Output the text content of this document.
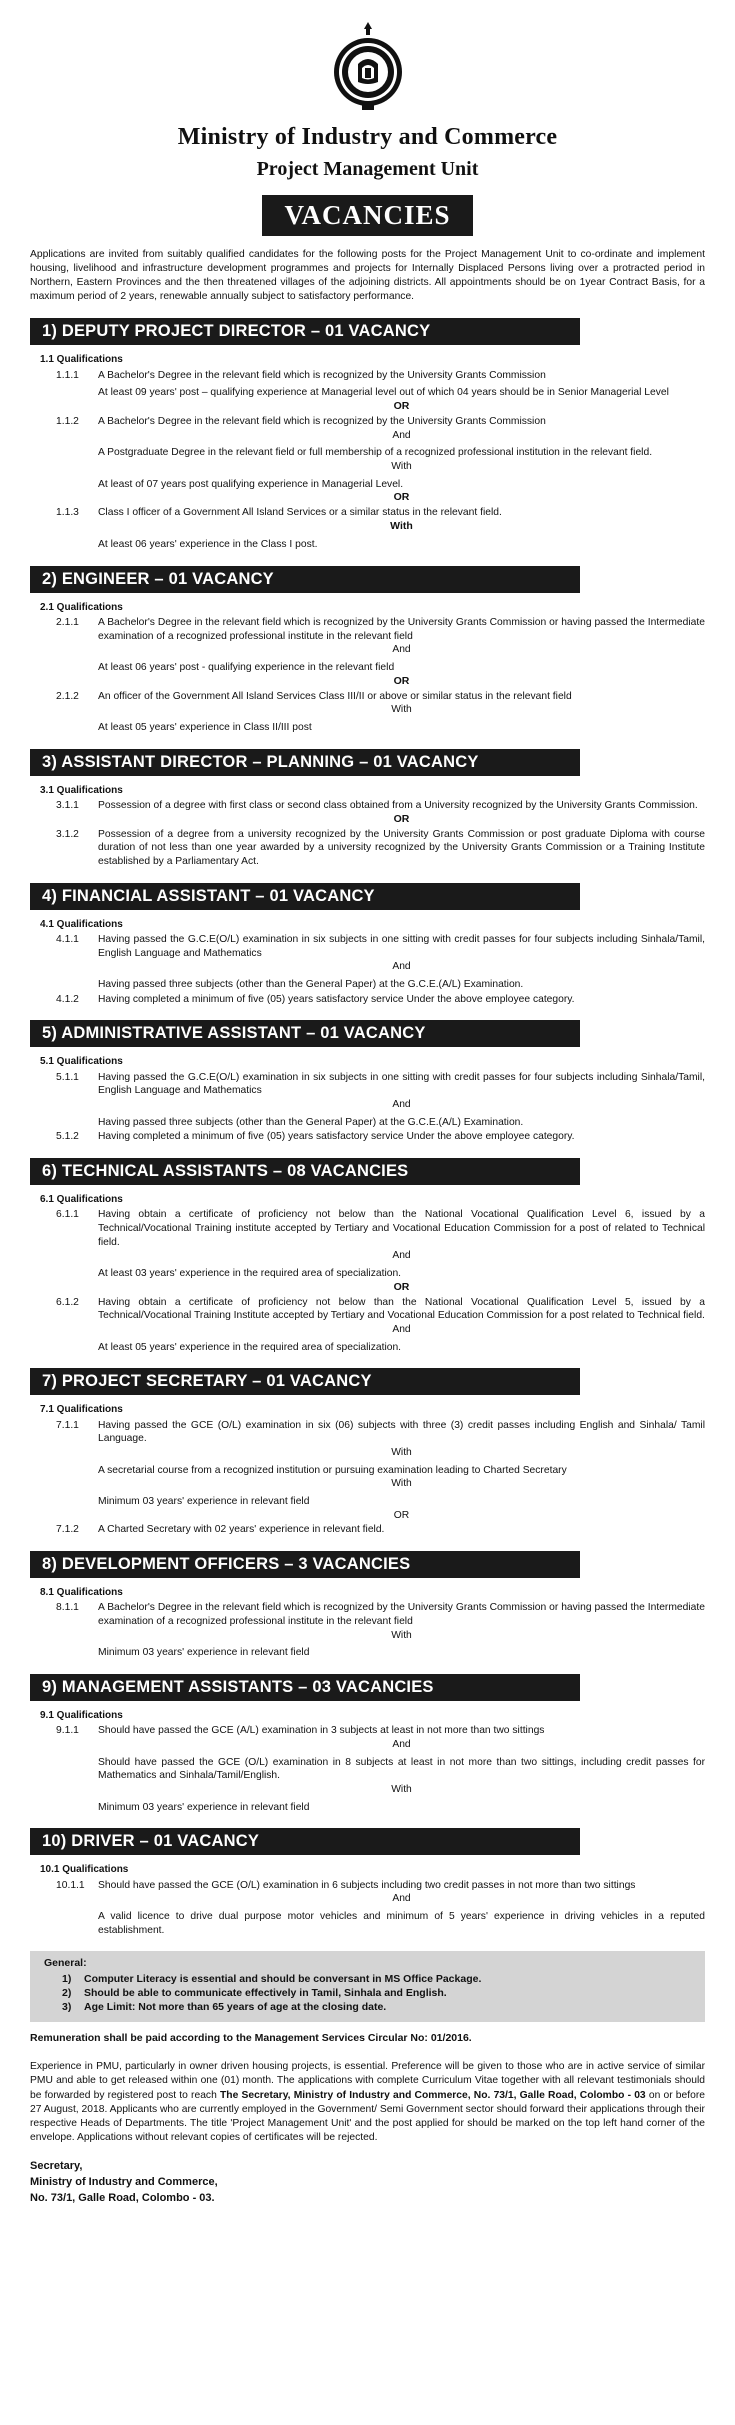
Ministry of Industry and Commerce
Project Management Unit
VACANCIES
Applications are invited from suitably qualified candidates for the following posts for the Project Management Unit to co-ordinate and implement housing, livelihood and infrastructure development programmes and projects for Internally Displaced Persons living over a protracted period in Northern, Eastern Provinces and the then threatened villages of the adjoining districts. All appointments should be on 1year Contract Basis, for a maximum period of 2 years, renewable annually subject to satisfactory performance.
1) DEPUTY PROJECT DIRECTOR – 01 VACANCY
1.1 Qualifications
1.1.1	A Bachelor's Degree in the relevant field which is recognized by the University Grants Commission
At least 09 years' post – qualifying experience at Managerial level out of which 04 years should be in Senior Managerial Level
OR
1.1.2	A Bachelor's Degree in the relevant field which is recognized by the University Grants Commission
And
A Postgraduate Degree in the relevant field or full membership of a recognized professional institution in the relevant field.
With
At least of 07 years post qualifying experience in Managerial Level.
OR
1.1.3	Class I officer of a Government All Island Services or a similar status in the relevant field.
With
At least 06 years' experience in the Class I post.
2) ENGINEER – 01 VACANCY
2.1 Qualifications
2.1.1	A Bachelor's Degree in the relevant field which is recognized by the University Grants Commission or having passed the Intermediate examination of a recognized professional institute in the relevant field
And
At least 06 years' post - qualifying experience in the relevant field
OR
2.1.2	An officer of the Government All Island Services Class III/II or above or similar status in the relevant field
With
At least 05 years' experience in Class II/III post
3) ASSISTANT DIRECTOR – PLANNING – 01 VACANCY
3.1 Qualifications
3.1.1	Possession of a degree with first class or second class obtained from a University recognized by the University Grants Commission.
OR
3.1.2	Possession of a degree from a university recognized by the University Grants Commission or post graduate Diploma with course duration of not less than one year awarded by a university recognized by the University Grants Commission or a Training Institute established by a Parliamentary Act.
4) FINANCIAL ASSISTANT – 01 VACANCY
4.1 Qualifications
4.1.1	Having passed the G.C.E(O/L) examination in six subjects in one sitting with credit passes for four subjects including Sinhala/Tamil, English Language and Mathematics
And
Having passed three subjects (other than the General Paper) at the G.C.E.(A/L) Examination.
4.1.2	Having completed a minimum of five (05) years satisfactory service Under the above employee category.
5) ADMINISTRATIVE ASSISTANT – 01 VACANCY
5.1 Qualifications
5.1.1	Having passed the G.C.E(O/L) examination in six subjects in one sitting with credit passes for four subjects including Sinhala/Tamil, English Language and Mathematics
And
Having passed three subjects (other than the General Paper) at the G.C.E.(A/L) Examination.
5.1.2	Having completed a minimum of five (05) years satisfactory service Under the above employee category.
6) TECHNICAL ASSISTANTS – 08 VACANCIES
6.1 Qualifications
6.1.1	Having obtain a certificate of proficiency not below than the National Vocational Qualification Level 6, issued by a Technical/Vocational Training institute accepted by Tertiary and Vocational Education Commission for a post of related to Technical field.
And
At least 03 years' experience in the required area of specialization.
OR
6.1.2	Having obtain a certificate of proficiency not below than the National Vocational Qualification Level 5, issued by a Technical/Vocational Training Institute accepted by Tertiary and Vocational Education Commission for a post related to Technical field.
And
At least 05 years' experience in the required area of specialization.
7) PROJECT SECRETARY – 01 VACANCY
7.1 Qualifications
7.1.1	Having passed the GCE (O/L) examination in six (06) subjects with three (3) credit passes including English and Sinhala/ Tamil Language.
With
A secretarial course from a recognized institution or pursuing examination leading to Charted Secretary
With
Minimum 03 years' experience in relevant field
OR
7.1.2	A Charted Secretary with 02 years' experience in relevant field.
8) DEVELOPMENT OFFICERS – 3 VACANCIES
8.1 Qualifications
8.1.1	A Bachelor's Degree in the relevant field which is recognized by the University Grants Commission or having passed the Intermediate examination of a recognized professional institute in the relevant field
With
Minimum 03 years' experience in relevant field
9) MANAGEMENT ASSISTANTS – 03 VACANCIES
9.1 Qualifications
9.1.1	Should have passed the GCE (A/L) examination in 3 subjects at least in not more than two sittings
And
Should have passed the GCE (O/L) examination in 8 subjects at least in not more than two sittings, including credit passes for Mathematics and Sinhala/Tamil/English.
With
Minimum 03 years' experience in relevant field
10) DRIVER – 01 VACANCY
10.1 Qualifications
10.1.1	Should have passed the GCE (O/L) examination in 6 subjects including two credit passes in not more than two sittings
And
A valid licence to drive dual purpose motor vehicles and minimum of 5 years' experience in driving vehicles in a reputed establishment.
General:
1)	Computer Literacy is essential and should be conversant in MS Office Package.
2)	Should be able to communicate effectively in Tamil, Sinhala and English.
3)	Age Limit: Not more than 65 years of age at the closing date.
Remuneration shall be paid according to the Management Services Circular No: 01/2016.
Experience in PMU, particularly in owner driven housing projects, is essential. Preference will be given to those who are in active service of similar PMU and able to get released within one (01) month. The applications with complete Curriculum Vitae together with all relevant testimonials should be forwarded by registered post to reach The Secretary, Ministry of Industry and Commerce, No. 73/1, Galle Road, Colombo - 03 on or before 27 August, 2018. Applicants who are currently employed in the Government/ Semi Government sector should forward their applications through their respective Heads of Departments. The title 'Project Management Unit' and the post applied for should be marked on the top left hand corner of the envelope. Applications without relevant copies of certificates will be rejected.
Secretary,
Ministry of Industry and Commerce,
No. 73/1, Galle Road, Colombo - 03.
